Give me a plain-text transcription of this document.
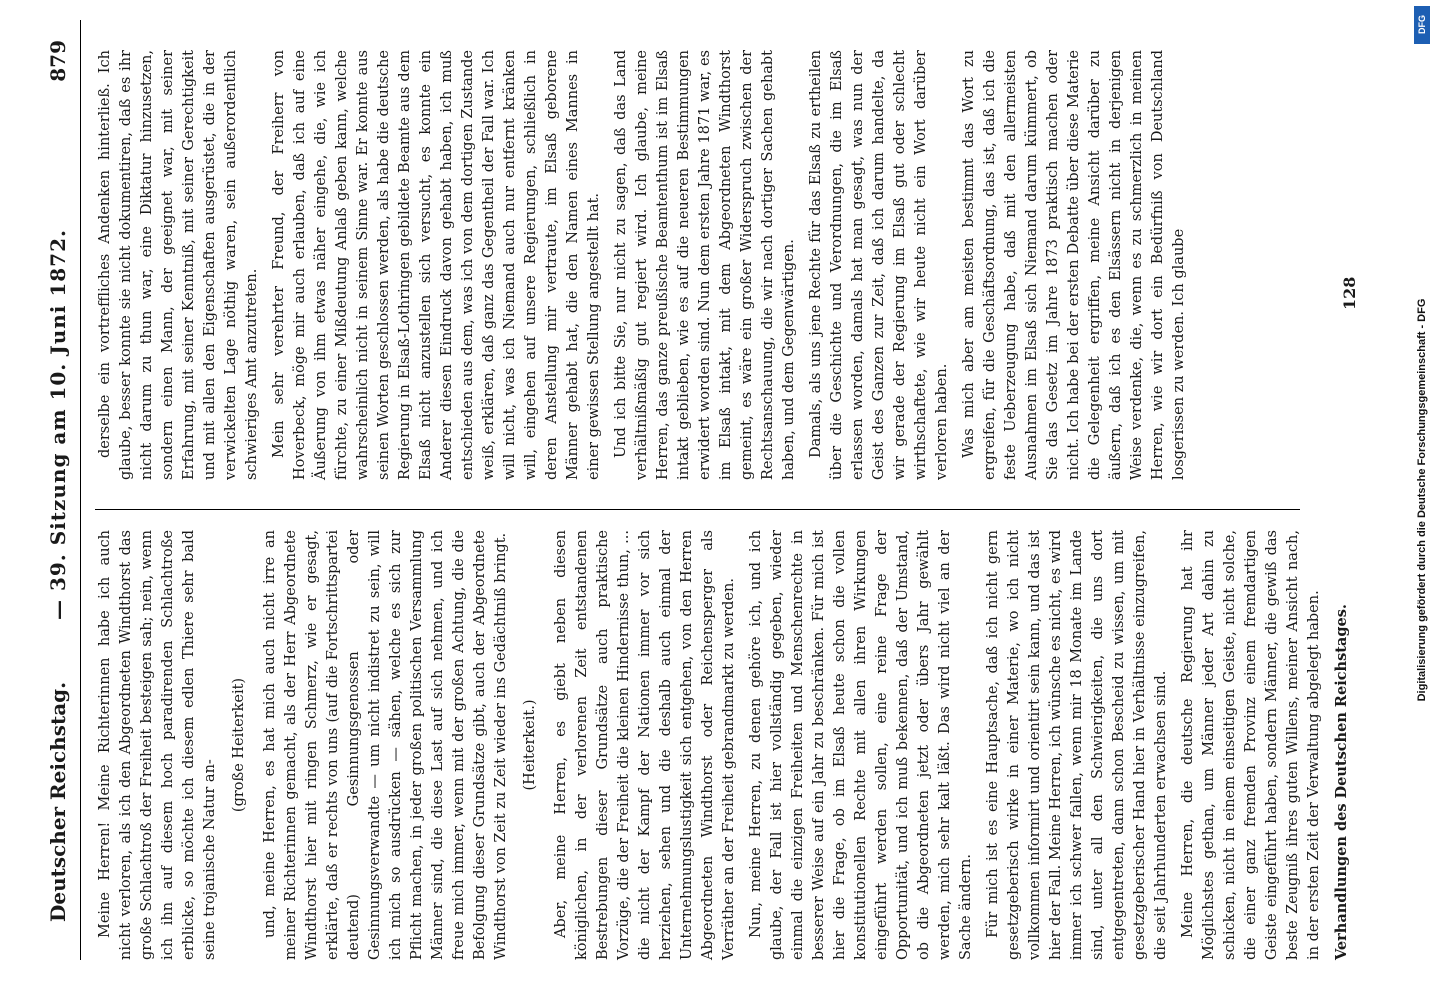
Deutscher Reichstag.
— 39. Sitzung am 10. Juni 1872.
879

Meine Herren! Meine Richterinnen habe ich auch nicht verloren, als ich den Abgeordneten Windthorst das große Schlachtroß der Freiheit besteigen sah; nein, wenn ich ihn auf diesem hoch paradirenden Schlachtroße erblicke, so möchte ich diesem edlen Thiere sehr bald seine trojanische Natur an-

(große Heiterkeit) und, meine Herren, es hat mich auch nicht irre an meiner Richterinnen gemacht, als der Herr Abgeordnete Windthorst hier mit ringen Schmerz, wie er gesagt, erklärte, daß er rechts von uns (auf die Fortschrittspartei deutend) Gesinnungsgenossen oder Gesinnungsverwandte — um nicht indistret zu sein, will ich mich so ausdrücken — sähen, welche es sich zur Pflicht machen, in jeder großen politischen Versammlung Männer sind, die diese Last auf sich nehmen, und ich freue mich immer, wenn mit der großen Achtung, die die Befolgung dieser Grundsätze gibt, auch der Abgeordnete Windthorst von Zeit zu Zeit wieder ins Gedächtniß bringt. (Heiterkeit.) Aber, meine Herren, es giebt neben diesen königlichen, in der verlorenen Zeit entstandenen Bestrebungen dieser Grundsätze auch praktische Vorzüge, die der Freiheit die kleinen Hindernisse thun, ... die nicht der Kampf der Nationen immer vor sich herziehen, sehen und die deshalb auch einmal der Unternehmungslustigkeit sich entgehen, von den Herren Abgeordneten Windthorst oder Reichensperger als Verräther an der Freiheit gebrandmarkt zu werden. Nun, meine Herren, zu denen gehöre ich, und ich glaube, der Fall ist hier vollständig gegeben, wieder einmal die einzigen Freiheiten und Menschenrechte in besserer Weise auf ein Jahr zu beschränken. Für mich ist hier die Frage, ob im Elsaß heute schon die vollen konstitutionellen Rechte mit allen ihren Wirkungen eingeführt werden sollen, eine reine Frage der Opportunität, und ich muß bekennen, daß der Umstand, ob die Abgeordneten jetzt oder übers Jahr gewählt werden, mich sehr kalt läßt. Das wird nicht viel an der Sache ändern. Für mich ist es eine Hauptsache, daß ich nicht gern gesetzgeberisch wirke in einer Materie, wo ich nicht vollkommen informirt und orientirt sein kann, und das ist hier der Fall. Meine Herren, ich wünsche es nicht, es wird immer ich schwer fallen, wenn mir 18 Monate im Lande sind, unter all den Schwierigkeiten, die uns dort entgegentreten, dann schon Bescheid zu wissen, um mit gesetzgeberischer Hand hier in Verhältnisse einzugreifen, die seit Jahrhunderten erwachsen sind. Meine Herren, die deutsche Regierung hat ihr Möglichstes gethan, um Männer jeder Art dahin zu schicken, nicht in einem einseitigen Geiste, nicht solche, die einer ganz fremden Provinz einem fremdartigen Geiste eingeführt haben, sondern Männer, die gewiß das beste Zeugniß ihres guten Willens, meiner Ansicht nach, in der ersten Zeit der Verwaltung abgelegt haben. Verhandlungen des Deutschen Reichstages.

derselbe ein vortreffliches Andenken hinterließ. Ich glaube, besser konnte sie nicht dokumentiren, daß es ihr nicht darum zu thun war, eine Diktatur hinzusetzen, sondern einen Mann, der geeignet war, mit seiner Erfahrung, mit seiner Kenntniß, mit seiner Gerechtigkeit und mit allen den Eigenschaften ausgerüstet, die in der verwickelten Lage nöthig waren, sein außerordentlich schwieriges Amt anzutreten. Mein sehr verehrter Freund, der Freiherr von Hoverbeck, möge mir auch erlauben, daß ich auf eine Äußerung von ihm etwas näher eingehe, die, wie ich fürchte, zu einer Mißdeutung Anlaß geben kann, welche wahrscheinlich nicht in seinem Sinne war. Er konnte aus seinen Worten geschlossen werden, als habe die deutsche Regierung in Elsaß-Lothringen gebildete Beamte aus dem Elsaß nicht anzustellen sich versucht, es konnte ein Anderer diesen Eindruck davon gehabt haben, ich muß entschieden aus dem, was ich von dem dortigen Zustande weiß, erklären, daß ganz das Gegentheil der Fall war. Ich will nicht, was ich Niemand auch nur entfernt kränken will, eingehen auf unsere Regierungen, schließlich in deren Anstellung mir vertraute, im Elsaß geborene Männer gehabt hat, die den Namen eines Mannes in einer gewissen Stellung angestellt hat. Und ich bitte Sie, nur nicht zu sagen, daß das Land verhältnißmäßig gut regiert wird. Ich glaube, meine Herren, das ganze preußische Beamtenthum ist im Elsaß intakt geblieben, wie es auf die neueren Bestimmungen erwidert worden sind. Nun dem ersten Jahre 1871 war, es im Elsaß intakt, mit dem Abgeordneten Windthorst gemeint, es wäre ein großer Widerspruch zwischen der Rechtsanschauung, die wir nach dortiger Sachen gehabt haben, und dem Gegenwärtigen. Damals, als uns jene Rechte für das Elsaß zu ertheilen über die Geschichte und Verordnungen, die im Elsaß erlassen worden, damals hat man gesagt, was nun der Geist des Ganzen zur Zeit, daß ich darum handelte, da wir gerade der Regierung im Elsaß gut oder schlecht wirthschaftete, wie wir heute nicht ein Wort darüber verloren haben. Was mich aber am meisten bestimmt das Wort zu ergreifen, für die Geschäftsordnung, das ist, daß ich die feste Ueberzeugung habe, daß mit den allermeisten Ausnahmen im Elsaß sich Niemand darum kümmert, ob Sie das Gesetz im Jahre 1873 praktisch machen oder nicht. Ich habe bei der ersten Debatte über diese Materie die Gelegenheit ergriffen, meine Ansicht darüber zu äußern, daß ich es den Elsässern nicht in derjenigen Weise verdenke, die, wenn es zu schmerzlich in meinen Herren, wie wir dort ein Bedürfniß von Deutschland losgerissen zu werden. Ich glaube	128
DFG
Digitalisierung gefördert durch die Deutsche Forschungsgemeinschaft - DFG
